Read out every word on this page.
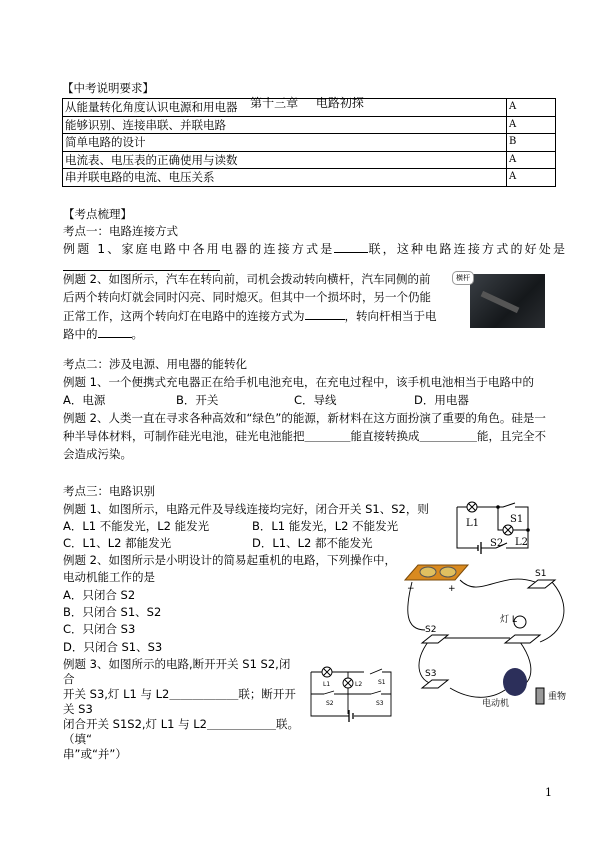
第十三章 电路初探
【中考说明要求】
从能量转化角度认识电源和用电器	A
能够识别、连接串联、并联电路	A
简单电路的设计	B
电流表、电压表的正确使用与读数	A
串并联电路的电流、电压关系	A
【考点梳理】
考点一：电路连接方式
例题 1、家庭电路中各用电器的连接方式是	联，这种电路连接方式的好处是
例题 2、如图所示，汽车在转向前，司机会拨动转向横杆，汽车同侧的前
后两个转向灯就会同时闪亮、同时熄灭。但其中一个损坏时，另一个仍能
正常工作，这两个转向灯在电路中的连接方式为	，转向杆相当于电
路中的	。
横杆
考点二：涉及电源、用电器的能转化
例题 1、一个便携式充电器正在给手机电池充电，在充电过程中，该手机电池相当于电路中的
A．电源	B．开关	C．导线	D．用电器
例题 2、人类一直在寻求各种高效和“绿色”的能源，新材料在这方面扮演了重要的角色。硅是一
种半导体材料，可制作硅光电池，硅光电池能把＿＿＿＿能直接转换成＿＿＿＿＿能，且完全不
会造成污染。
考点三：电路识别
例题 1、如图所示，电路元件及导线连接均完好，闭合开关 S1、S2，则
A．L1 不能发光，L2 能发光	B．L1 能发光，L2 不能发光
C．L1、L2 都能发光	D．L1、L2 都不能发光
例题 2、如图所示是小明设计的简易起重机的电路，下列操作中，
电动机能工作的是
A．只闭合 S2
B．只闭合 S1、S2
C．只闭合 S3
D．只闭合 S1、S3
例题 3、如图所示的电路,断开开关 S1 S2,闭合
开关 S3,灯 L1 与 L2＿＿＿＿＿＿联；断开开关 S3
闭合开关 S1S2,灯 L1 与 L2＿＿＿＿＿＿联。（填“
串”或“并”）
L1	S1
L2
S2
−	+
S1
灯 L
S2
S3
电动机
重物
L1	L2	S1
S2	S3
1
